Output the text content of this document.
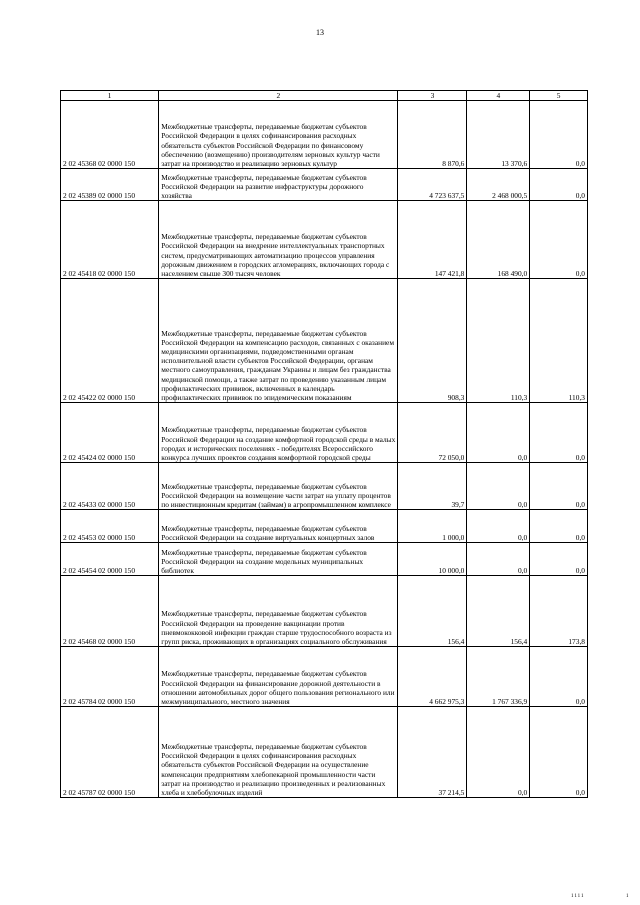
13
1	2	3	4	5
2 02 45368 02 0000 150	Межбюджетные трансферты, передаваемые бюджетам субъектов Российской Федерации в целях софинансирования расходных обязательств субъектов Российской Федерации по финансовому обеспечению (возмещению) производителям зерновых культур части затрат на производство и реализацию зерновых культур	8 870,6	13 370,6	0,0
2 02 45389 02 0000 150	Межбюджетные трансферты, передаваемые бюджетам субъектов Российской Федерации на развитие инфраструктуры дорожного хозяйства	4 723 637,5	2 468 000,5	0,0
2 02 45418 02 0000 150	Межбюджетные трансферты, передаваемые бюджетам субъектов Российской Федерации на внедрение интеллектуальных транспортных систем, предусматривающих автоматизацию процессов управления дорожным движением в городских агломерациях, включающих города с населением свыше 300 тысяч человек	147 421,8	168 490,0	0,0
2 02 45422 02 0000 150	Межбюджетные трансферты, передаваемые бюджетам субъектов Российской Федерации на компенсацию расходов, связанных с оказанием медицинскими организациями, подведомственными органам исполнительной власти субъектов Российской Федерации, органам местного самоуправления, гражданам Украины и лицам без гражданства медицинской помощи, а также затрат по проведению указанным лицам профилактических прививок, включенных в календарь профилактических прививок по эпидемическим показаниям	908,3	110,3	110,3
2 02 45424 02 0000 150	Межбюджетные трансферты, передаваемые бюджетам субъектов Российской Федерации на создание комфортной городской среды в малых городах и исторических поселениях - победителях Всероссийского конкурса лучших проектов создания комфортной городской среды	72 050,0	0,0	0,0
2 02 45433 02 0000 150	Межбюджетные трансферты, передаваемые бюджетам субъектов Российской Федерации на возмещение части затрат на уплату процентов по инвестиционным кредитам (займам) в агропромышленном комплексе	39,7	0,0	0,0
2 02 45453 02 0000 150	Межбюджетные трансферты, передаваемые бюджетам субъектов Российской Федерации на создание виртуальных концертных залов	1 000,0	0,0	0,0
2 02 45454 02 0000 150	Межбюджетные трансферты, передаваемые бюджетам субъектов Российской Федерации на создание модельных муниципальных библиотек	10 000,0	0,0	0,0
2 02 45468 02 0000 150	Межбюджетные трансферты, передаваемые бюджетам субъектов Российской Федерации на проведение вакцинации против пневмококковой инфекции граждан старше трудоспособного возраста из групп риска, проживающих в организациях социального обслуживания	156,4	156,4	173,8
2 02 45784 02 0000 150	Межбюджетные трансферты, передаваемые бюджетам субъектов Российской Федерации на финансирование дорожной деятельности в отношении автомобильных дорог общего пользования регионального или межмуниципального, местного значения	4 662 975,3	1 767 336,9	0,0
2 02 45787 02 0000 150	Межбюджетные трансферты, передаваемые бюджетам субъектов Российской Федерации в целях софинансирования расходных обязательств субъектов Российской Федерации на осуществление компенсации предприятиям хлебопекарной промышленности части затрат на производство и реализацию произведенных и реализованных хлеба и хлебобулочных изделий	37 214,5	0,0	0,0
1111	1
